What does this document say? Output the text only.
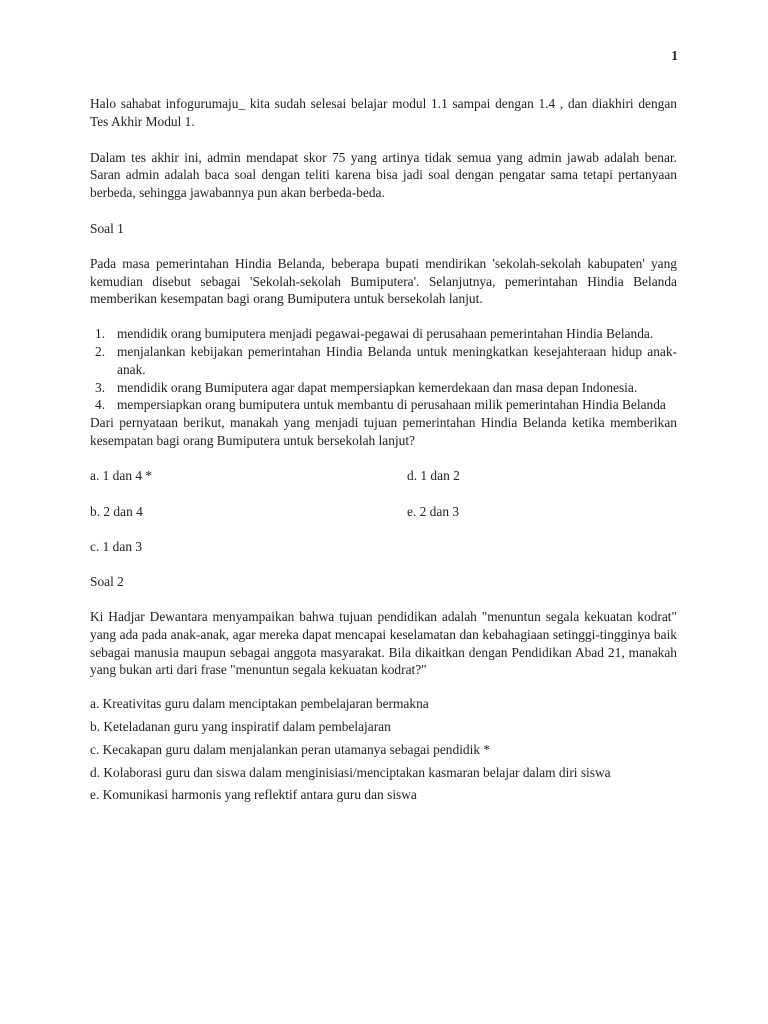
1

Halo sahabat infogurumaju_ kita sudah selesai belajar modul 1.1 sampai dengan 1.4 , dan diakhiri dengan Tes Akhir Modul 1.

Dalam tes akhir ini, admin mendapat skor 75 yang artinya tidak semua yang admin jawab adalah benar. Saran admin adalah baca soal dengan teliti karena bisa jadi soal dengan pengatar sama tetapi pertanyaan berbeda, sehingga jawabannya pun akan berbeda-beda.

Soal 1

Pada masa pemerintahan Hindia Belanda, beberapa bupati mendirikan 'sekolah-sekolah kabupaten' yang kemudian disebut sebagai 'Sekolah-sekolah Bumiputera'. Selanjutnya, pemerintahan Hindia Belanda memberikan kesempatan bagi orang Bumiputera untuk bersekolah lanjut.

1. mendidik orang bumiputera menjadi pegawai-pegawai di perusahaan pemerintahan Hindia Belanda.
2. menjalankan kebijakan pemerintahan Hindia Belanda untuk meningkatkan kesejahteraan hidup anak-anak.
3. mendidik orang Bumiputera agar dapat mempersiapkan kemerdekaan dan masa depan Indonesia.
4. mempersiapkan orang bumiputera untuk membantu di perusahaan milik pemerintahan Hindia Belanda

Dari pernyataan berikut, manakah yang menjadi tujuan pemerintahan Hindia Belanda ketika memberikan kesempatan bagi orang Bumiputera untuk bersekolah lanjut?

a. 1 dan 4 *	d. 1 dan 2
b. 2 dan 4	e. 2 dan 3
c. 1 dan 3

Soal 2

Ki Hadjar Dewantara menyampaikan bahwa tujuan pendidikan adalah "menuntun segala kekuatan kodrat" yang ada pada anak-anak, agar mereka dapat mencapai keselamatan dan kebahagiaan setinggi-tingginya baik sebagai manusia maupun sebagai anggota masyarakat. Bila dikaitkan dengan Pendidikan Abad 21, manakah yang bukan arti dari frase "menuntun segala kekuatan kodrat?"

a. Kreativitas guru dalam menciptakan pembelajaran bermakna
b. Keteladanan guru yang inspiratif dalam pembelajaran
c. Kecakapan guru dalam menjalankan peran utamanya sebagai pendidik *
d. Kolaborasi guru dan siswa dalam menginisiasi/menciptakan kasmaran belajar dalam diri siswa
e. Komunikasi harmonis yang reflektif antara guru dan siswa
